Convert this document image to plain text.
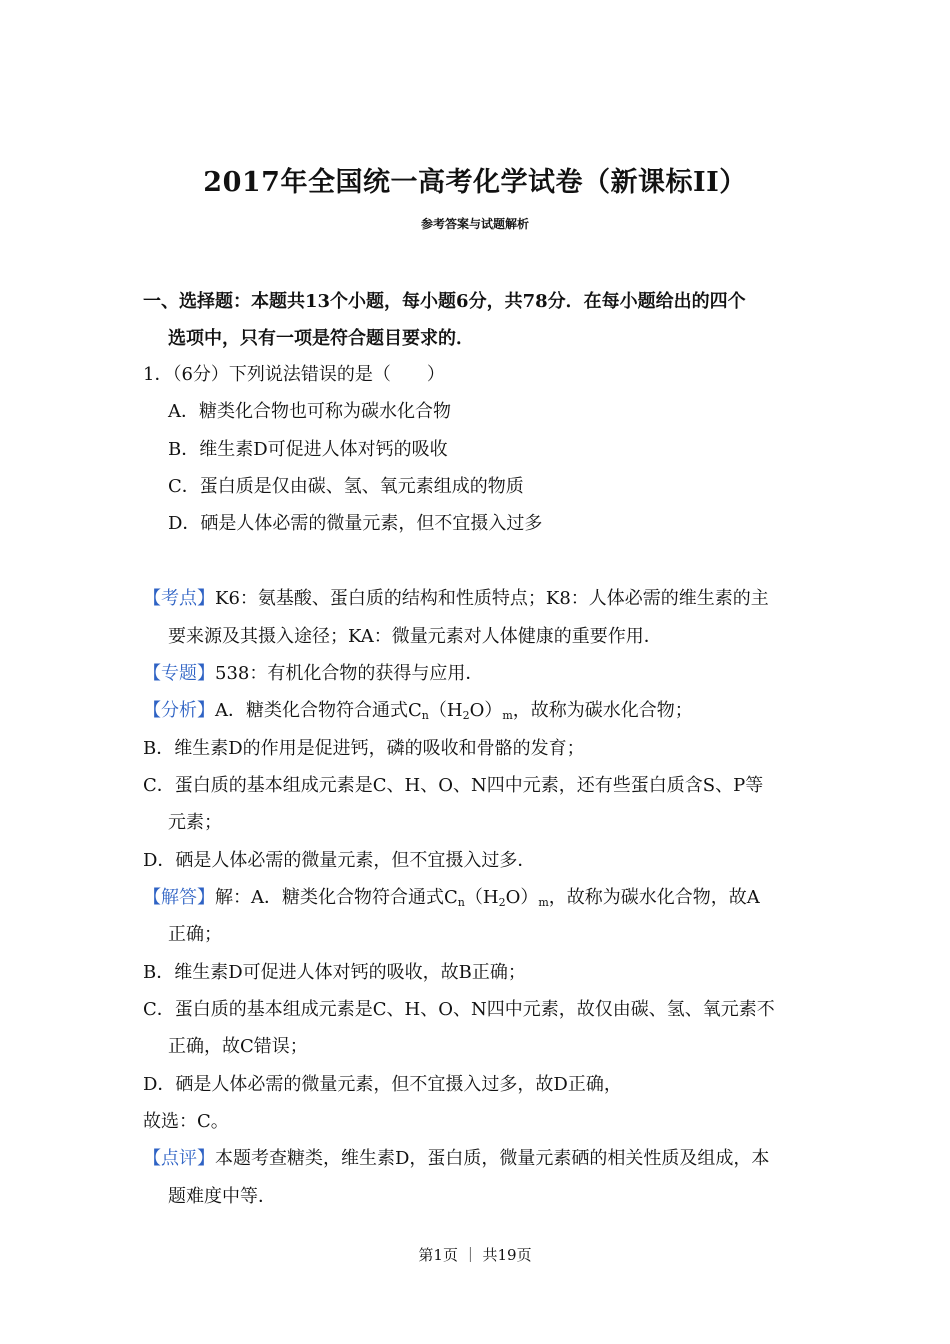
2017年全国统一高考化学试卷（新课标II）
参考答案与试题解析
一、选择题：本题共13个小题，每小题6分，共78分．在每小题给出的四个
选项中，只有一项是符合题目要求的．
1．（6分）下列说法错误的是（　　）
A．糖类化合物也可称为碳水化合物
B．维生素D可促进人体对钙的吸收
C．蛋白质是仅由碳、氢、氧元素组成的物质
D．硒是人体必需的微量元素，但不宜摄入过多
【考点】K6：氨基酸、蛋白质的结构和性质特点；K8：人体必需的维生素的主
要来源及其摄入途径；KA：微量元素对人体健康的重要作用．
【专题】538：有机化合物的获得与应用．
【分析】A．糖类化合物符合通式$C_n(H_2O)_m$，故称为碳水化合物；
B．维生素D的作用是促进钙，磷的吸收和骨骼的发育；
C．蛋白质的基本组成元素是C、H、O、N四中元素，还有些蛋白质含S、P等
元素；
D．硒是人体必需的微量元素，但不宜摄入过多．
【解答】解：A．糖类化合物符合通式$C_n(H_2O)_m$，故称为碳水化合物，故A
正确；
B．维生素D可促进人体对钙的吸收，故B正确；
C．蛋白质的基本组成元素是C、H、O、N四中元素，故仅由碳、氢、氧元素不
正确，故C错误；
D．硒是人体必需的微量元素，但不宜摄入过多，故D正确，
故选：C。
【点评】本题考查糖类，维生素D，蛋白质，微量元素硒的相关性质及组成，本
题难度中等．
第1页 ｜ 共19页
